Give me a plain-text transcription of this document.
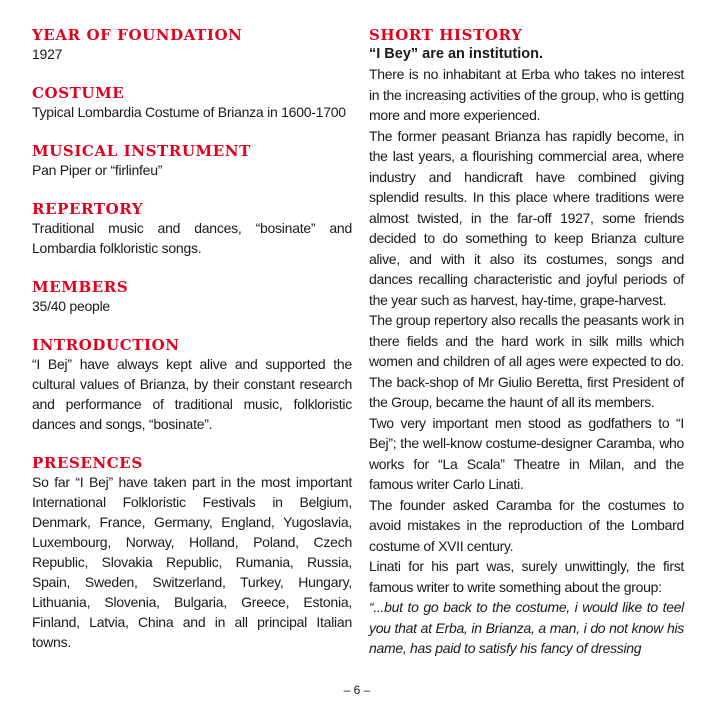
YEAR OF FOUNDATION

1927

COSTUME

Typical Lombardia Costume of Brianza in 1600-1700

MUSICAL INSTRUMENT

Pan Piper or “firlinfeu”

REPERTORY

Traditional music and dances, “bosinate” and Lombardia folkloristic songs.

MEMBERS

35/40 people

INTRODUCTION

“I Bej” have always kept alive and supported the cultural values of Brianza, by their constant research and performance of traditional music, folkloristic dances and songs, “bosinate”.

PRESENCES

So far “I Bej” have taken part in the most important International Folkloristic Festivals in Belgium, Denmark, France, Germany, England, Yugoslavia, Luxembourg, Norway, Holland, Poland, Czech Republic, Slovakia Republic, Rumania, Russia, Spain, Sweden, Switzerland, Turkey, Hungary, Lithuania, Slovenia, Bulgaria, Greece, Estonia, Finland, Latvia, China and in all principal Italian towns.

SHORT HISTORY

“I Bey” are an institution.

There is no inhabitant at Erba who takes no interest in the increasing activities of the group, who is getting more and more experienced.

The former peasant Brianza has rapidly become, in the last years, a flourishing commercial area, where industry and handicraft have combined giving splendid results. In this place where traditions were almost twisted, in the far-off 1927, some friends decided to do something to keep Brianza culture alive, and with it also its costumes, songs and dances recalling characteristic and joyful periods of the year such as harvest, hay-time, grape-harvest.

The group repertory also recalls the peasants work in there fields and the hard work in silk mills which women and children of all ages were expected to do. The back-shop of Mr Giulio Beretta, first President of the Group, became the haunt of all its members.

Two very important men stood as godfathers to “I Bej”; the well-know costume-designer Caramba, who works for “La Scala” Theatre in Milan, and the famous writer Carlo Linati.

The founder asked Caramba for the costumes to avoid mistakes in the reproduction of the Lombard costume of XVII century.

Linati for his part was, surely unwittingly, the first famous writer to write something about the group:

“...but to go back to the costume, i would like to teel you that at Erba, in Brianza, a man, i do not know his name, has paid to satisfy his fancy of dressing

– 6 –
